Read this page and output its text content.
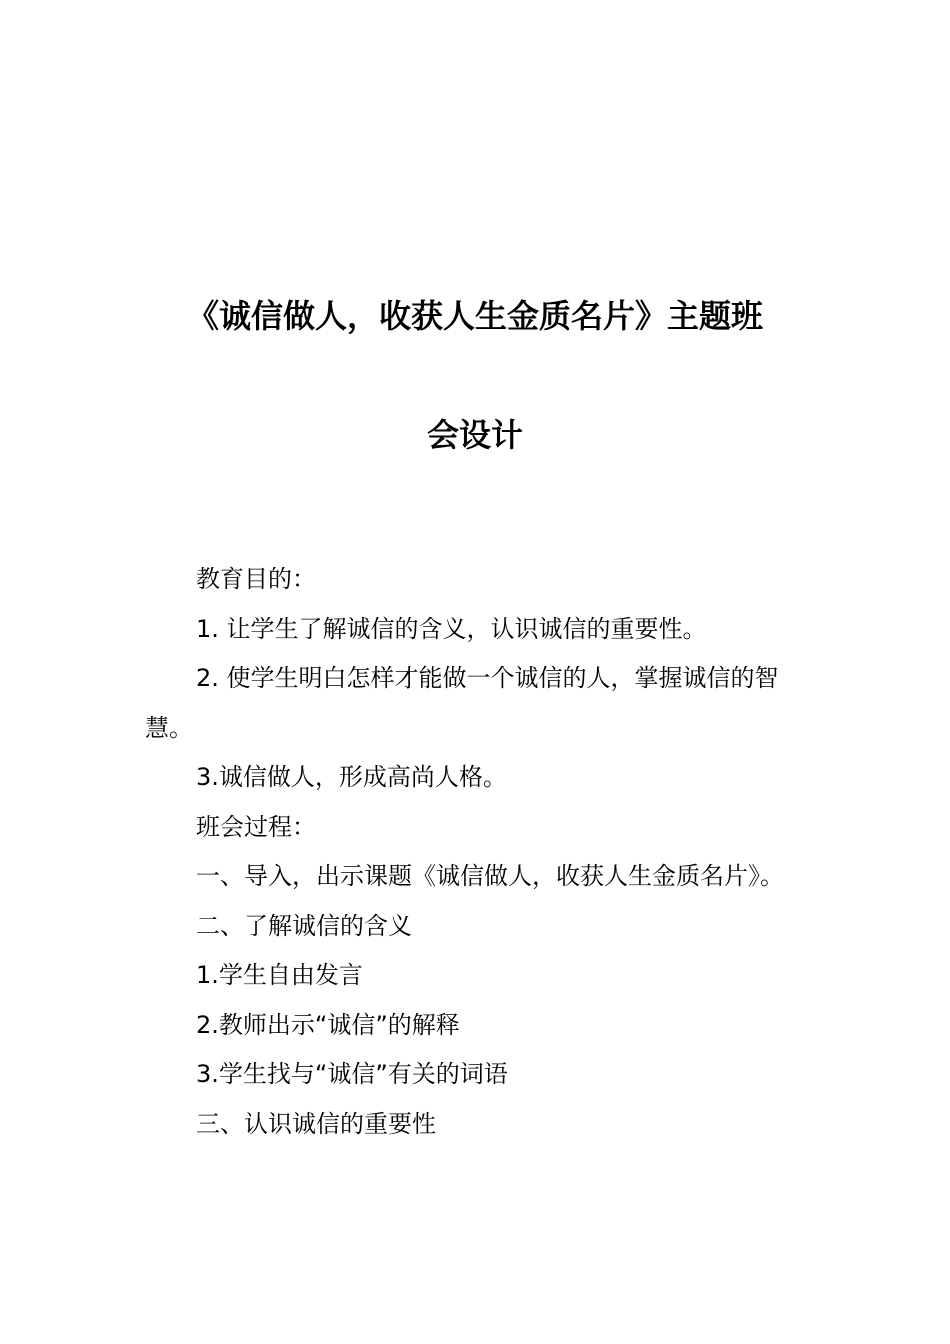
《诚信做人，收获人生金质名片》主题班
会设计

教育目的：

1. 让学生了解诚信的含义，认识诚信的重要性。

2. 使学生明白怎样才能做一个诚信的人，掌握诚信的智慧。

3.诚信做人，形成高尚人格。

班会过程：

一、导入，出示课题《诚信做人，收获人生金质名片》。

二、了解诚信的含义

1.学生自由发言

2.教师出示“诚信”的解释

3.学生找与“诚信”有关的词语

三、认识诚信的重要性
